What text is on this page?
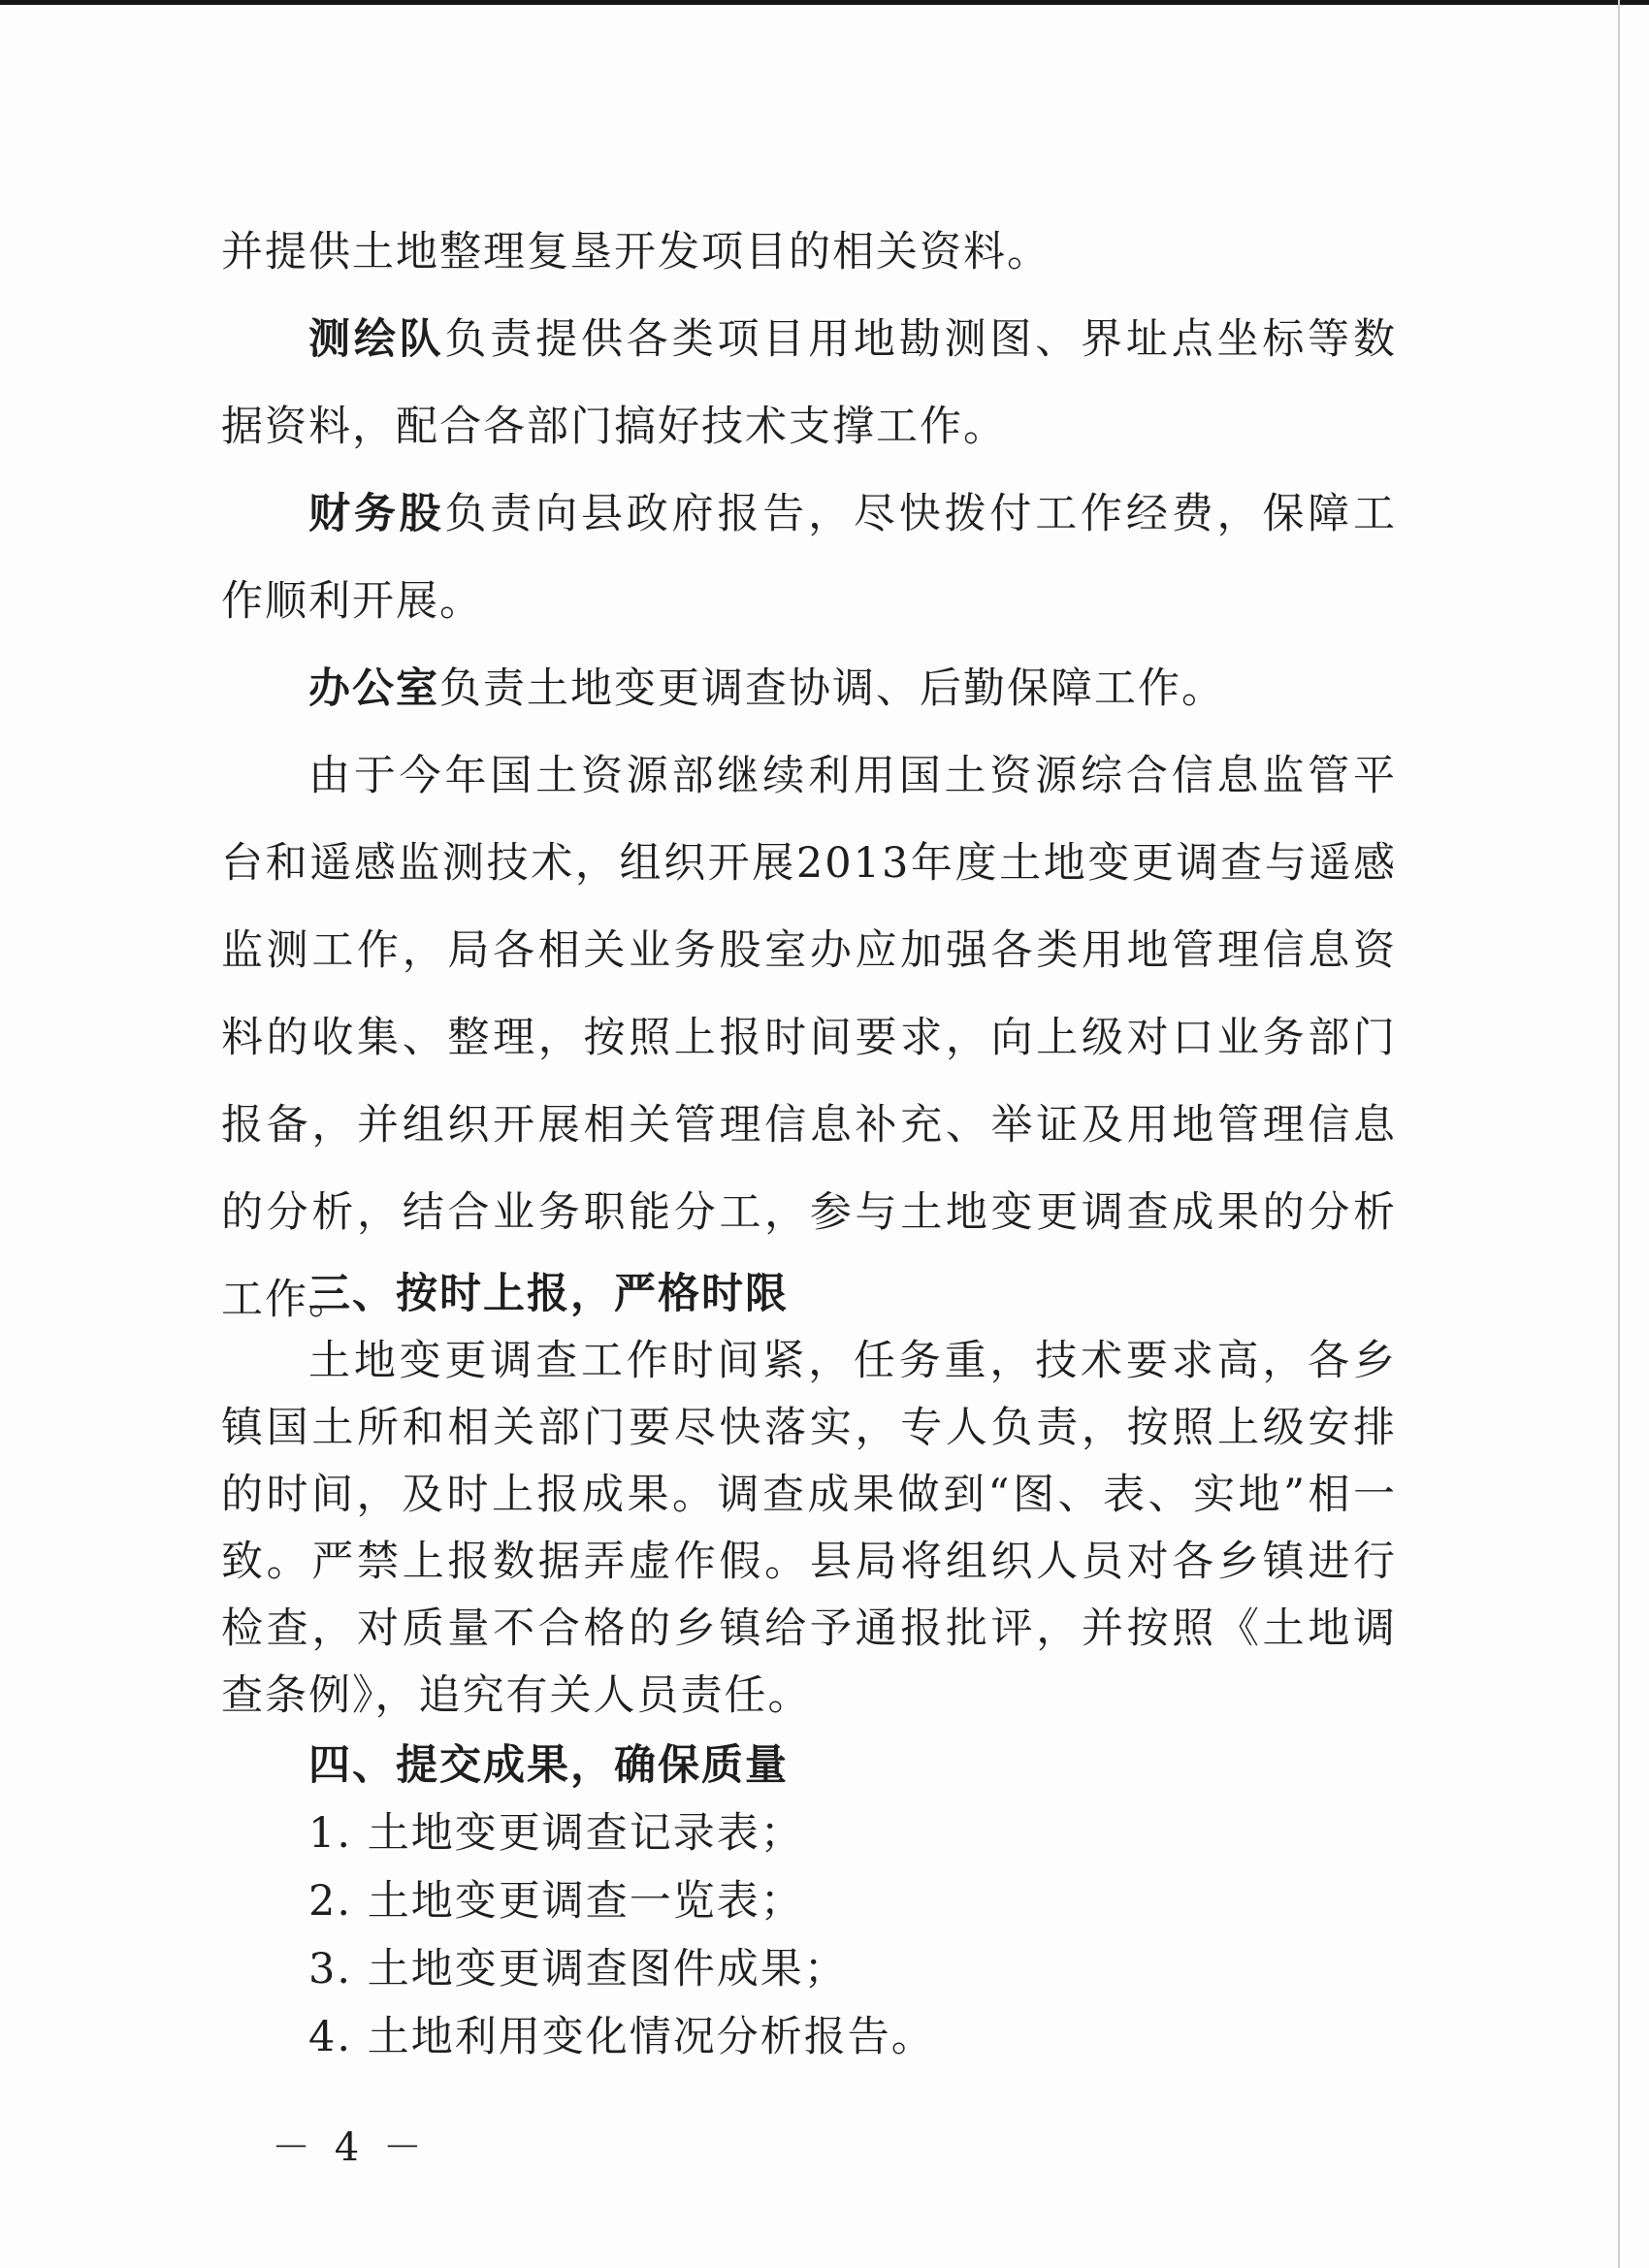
并提供土地整理复垦开发项目的相关资料。

测绘队负责提供各类项目用地勘测图、界址点坐标等数据资料，配合各部门搞好技术支撑工作。

财务股负责向县政府报告，尽快拨付工作经费，保障工作顺利开展。

办公室负责土地变更调查协调、后勤保障工作。

由于今年国土资源部继续利用国土资源综合信息监管平台和遥感监测技术，组织开展2013年度土地变更调查与遥感监测工作，局各相关业务股室办应加强各类用地管理信息资料的收集、整理，按照上报时间要求，向上级对口业务部门报备，并组织开展相关管理信息补充、举证及用地管理信息的分析，结合业务职能分工，参与土地变更调查成果的分析工作。

三、按时上报，严格时限

土地变更调查工作时间紧，任务重，技术要求高，各乡镇国土所和相关部门要尽快落实，专人负责，按照上级安排的时间，及时上报成果。调查成果做到“图、表、实地”相一致。严禁上报数据弄虚作假。县局将组织人员对各乡镇进行检查，对质量不合格的乡镇给予通报批评，并按照《土地调查条例》，追究有关人员责任。

四、提交成果，确保质量

1. 土地变更调查记录表；

2. 土地变更调查一览表；

3. 土地变更调查图件成果；

4. 土地利用变化情况分析报告。

－ 4 －
